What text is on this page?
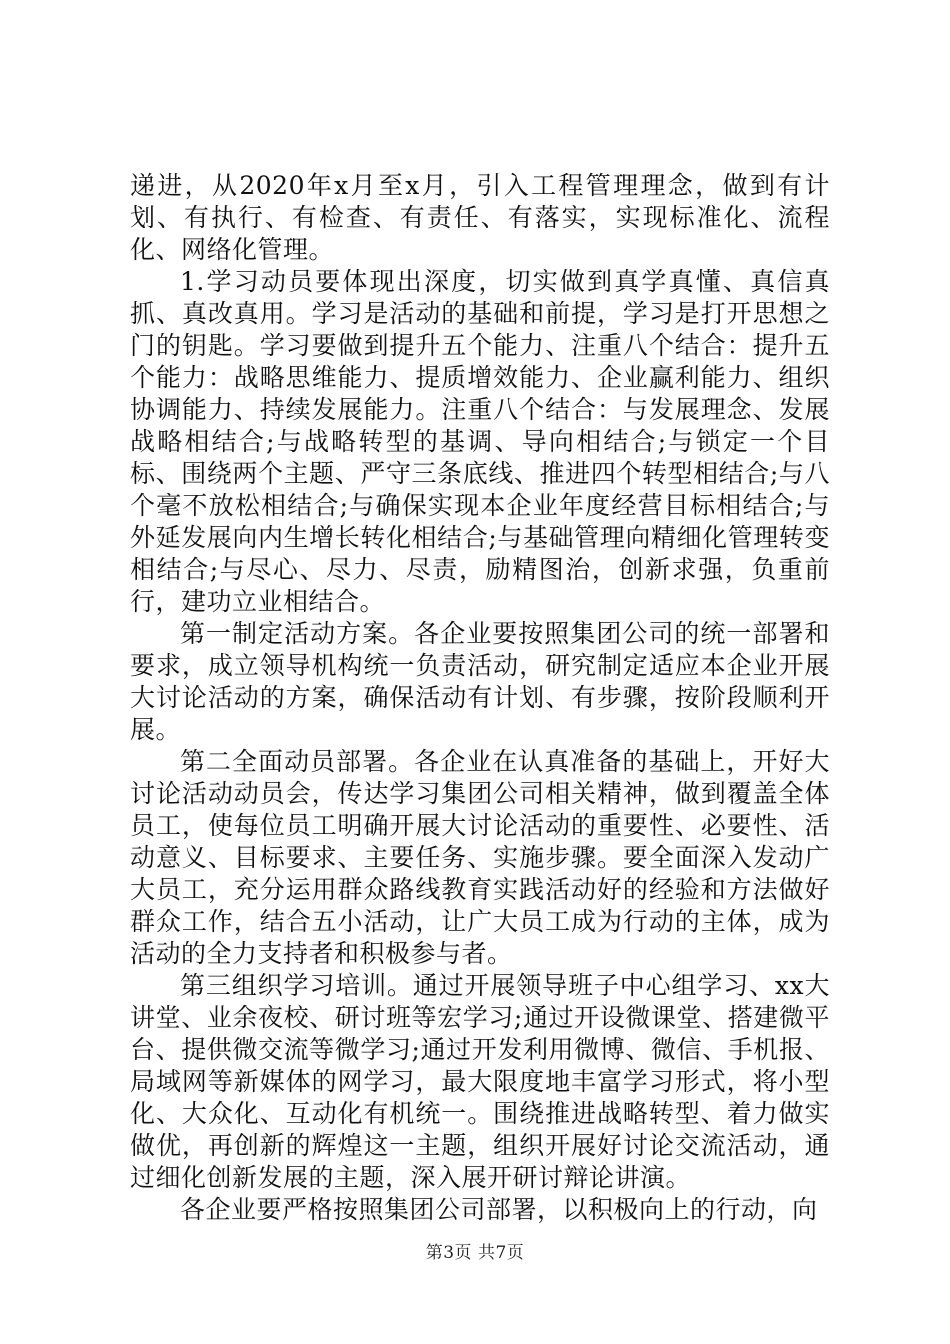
递进，从2020年x月至x月，引入工程管理理念，做到有计划、有执行、有检查、有责任、有落实，实现标准化、流程化、网络化管理。

1.学习动员要体现出深度，切实做到真学真懂、真信真抓、真改真用。学习是活动的基础和前提，学习是打开思想之门的钥匙。学习要做到提升五个能力、注重八个结合：提升五个能力：战略思维能力、提质增效能力、企业赢利能力、组织协调能力、持续发展能力。注重八个结合：与发展理念、发展战略相结合;与战略转型的基调、导向相结合;与锁定一个目标、围绕两个主题、严守三条底线、推进四个转型相结合;与八个毫不放松相结合;与确保实现本企业年度经营目标相结合;与外延发展向内生增长转化相结合;与基础管理向精细化管理转变相结合;与尽心、尽力、尽责，励精图治，创新求强，负重前行，建功立业相结合。

第一制定活动方案。各企业要按照集团公司的统一部署和要求，成立领导机构统一负责活动，研究制定适应本企业开展大讨论活动的方案，确保活动有计划、有步骤，按阶段顺利开展。

第二全面动员部署。各企业在认真准备的基础上，开好大讨论活动动员会，传达学习集团公司相关精神，做到覆盖全体员工，使每位员工明确开展大讨论活动的重要性、必要性、活动意义、目标要求、主要任务、实施步骤。要全面深入发动广大员工，充分运用群众路线教育实践活动好的经验和方法做好群众工作，结合五小活动，让广大员工成为行动的主体，成为活动的全力支持者和积极参与者。

第三组织学习培训。通过开展领导班子中心组学习、xx大讲堂、业余夜校、研讨班等宏学习;通过开设微课堂、搭建微平台、提供微交流等微学习;通过开发利用微博、微信、手机报、局域网等新媒体的网学习，最大限度地丰富学习形式，将小型化、大众化、互动化有机统一。围绕推进战略转型、着力做实做优，再创新的辉煌这一主题，组织开展好讨论交流活动，通过细化创新发展的主题，深入展开研讨辩论讲演。

各企业要严格按照集团公司部署，以积极向上的行动，向

第3页 共7页
